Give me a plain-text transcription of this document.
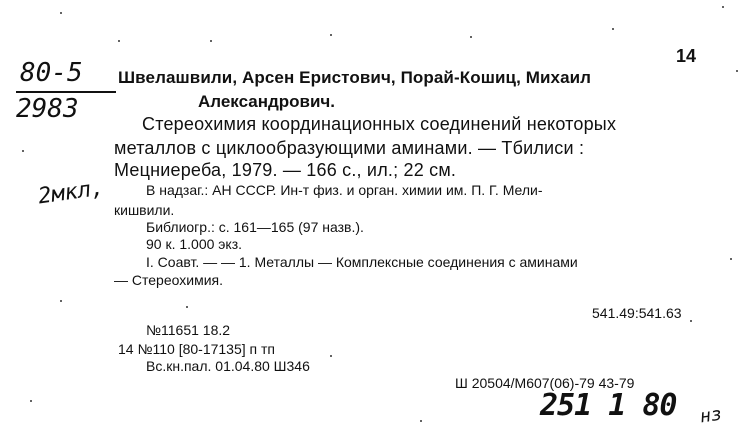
14
80-5
2983
2мкл,
Швелашвили, Арсен Еристович, Порай-Кошиц, Михаил
Александрович.
Стереохимия координационных соединений некоторых
металлов с циклообразующими аминами. — Тбилиси :
Мецниереба, 1979. — 166 с., ил.; 22 см.
В надзаг.: АН СССР. Ин-т физ. и орган. химии им. П. Г. Мели-
кишвили.
Библиогр.: с. 161—165 (97 назв.).
90 к. 1.000 экз.
I. Соавт. — — 1. Металлы — Комплексные соединения с аминами
— Стереохимия.
541.49:541.63
№11651 18.2
14 №110 [80-17135] п тп
Вс.кн.пал. 01.04.80 Ш346
Ш 20504/М607(06)-79 43-79
251 1 80 нз
